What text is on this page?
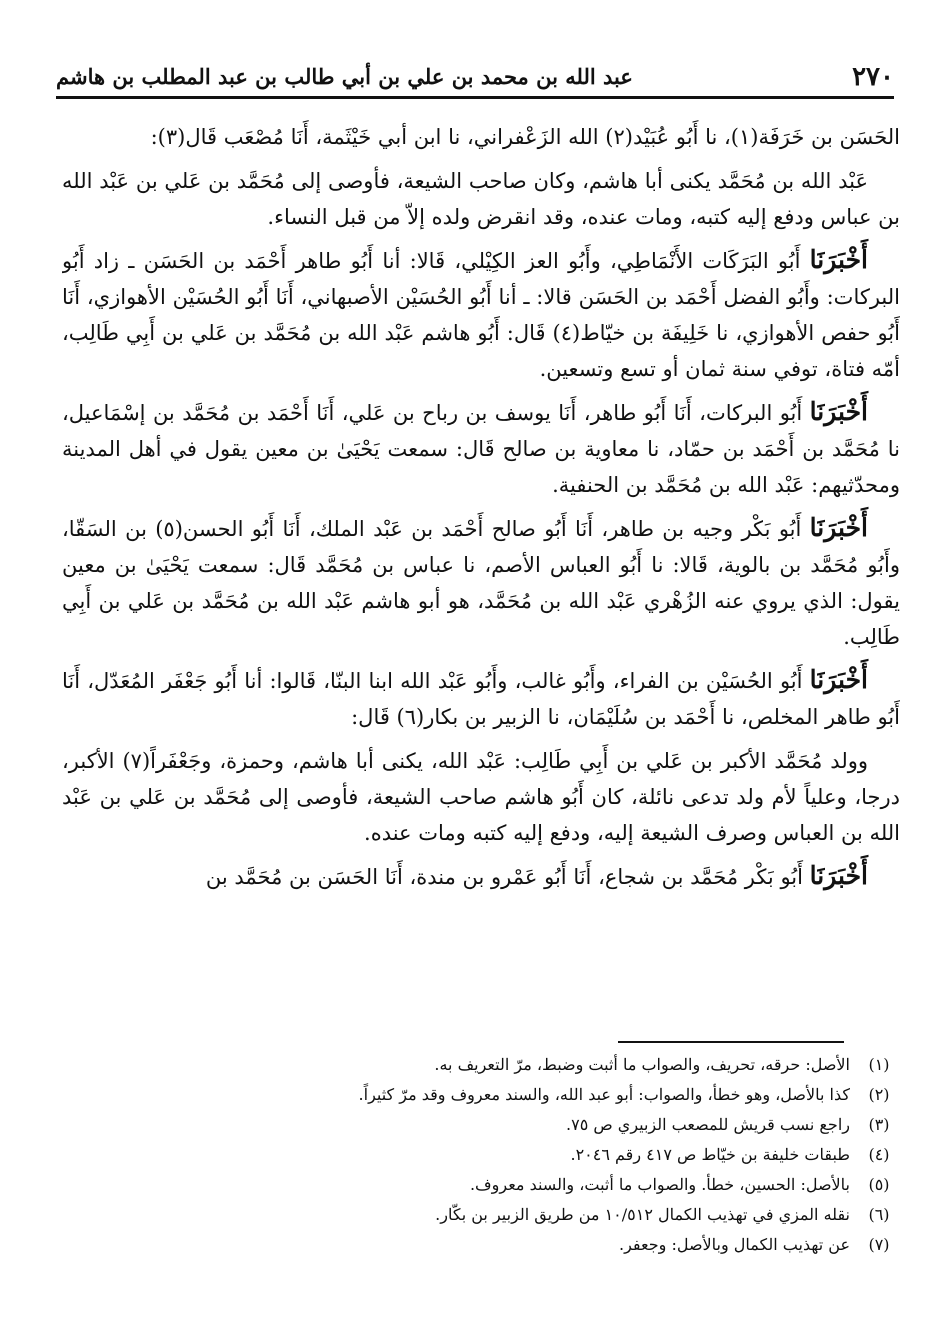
٢٧٠
عبد الله بن محمد بن علي بن أبي طالب بن عبد المطلب بن هاشم

الحَسَن بن خَرَفَة(١)، نا أَبُو عُبَيْد(٢) الله الزَعْفراني، نا ابن أبي خَيْثَمة، أَنَا مُصْعَب قَال(٣):

عَبْد الله بن مُحَمَّد يكنى أبا هاشم، وكان صاحب الشيعة، فأوصى إلى مُحَمَّد بن عَلي بن عَبْد الله بن عباس ودفع إليه كتبه، ومات عنده، وقد انقرض ولده إلاّ من قبل النساء.

أَخْبَرَنَا أَبُو البَرَكَات الأَنْمَاطِي، وأَبُو العز الكِيْلي، قَالا: أنا أَبُو طاهر أَحْمَد بن الحَسَن ـ زاد أَبُو البركات: وأَبُو الفضل أَحْمَد بن الحَسَن قالا: ـ أنا أَبُو الحُسَيْن الأصبهاني، أَنَا أَبُو الحُسَيْن الأهوازي، أَنَا أَبُو حفص الأهوازي، نا خَلِيفَة بن خيّاط(٤) قَال: أَبُو هاشم عَبْد الله بن مُحَمَّد بن عَلي بن أَبِي طَالِب، أمّه فتاة، توفي سنة ثمان أو تسع وتسعين.

أَخْبَرَنَا أَبُو البركات، أَنَا أَبُو طاهر، أَنَا يوسف بن رباح بن عَلي، أَنَا أَحْمَد بن مُحَمَّد بن إسْمَاعيل، نا مُحَمَّد بن أَحْمَد بن حمّاد، نا معاوية بن صالح قَال: سمعت يَحْيَىٰ بن معين يقول في أهل المدينة ومحدّثيهم: عَبْد الله بن مُحَمَّد بن الحنفية.

أَخْبَرَنَا أَبُو بَكْر وجيه بن طاهر، أَنَا أَبُو صالح أَحْمَد بن عَبْد الملك، أَنَا أَبُو الحسن(٥) بن السَقّا، وأَبُو مُحَمَّد بن بالوية، قَالا: نا أَبُو العباس الأصم، نا عباس بن مُحَمَّد قَال: سمعت يَحْيَىٰ بن معين يقول: الذي يروي عنه الزُهْري عَبْد الله بن مُحَمَّد، هو أبو هاشم عَبْد الله بن مُحَمَّد بن عَلي بن أَبِي طَالِب.

أَخْبَرَنَا أَبُو الحُسَيْن بن الفراء، وأَبُو غالب، وأَبُو عَبْد الله ابنا البنّا، قَالوا: أنا أَبُو جَعْفَر المُعَدّل، أَنَا أَبُو طاهر المخلص، نا أَحْمَد بن سُلَيْمَان، نا الزبير بن بكار(٦) قَال:

وولد مُحَمَّد الأكبر بن عَلي بن أَبِي طَالِب: عَبْد الله، يكنى أبا هاشم، وحمزة، وجَعْفَراً(٧) الأكبر، درجا، وعلياً لأم ولد تدعى نائلة، كان أَبُو هاشم صاحب الشيعة، فأوصى إلى مُحَمَّد بن عَلي بن عَبْد الله بن العباس وصرف الشيعة إليه، ودفع إليه كتبه ومات عنده.

أَخْبَرَنَا أَبُو بَكْر مُحَمَّد بن شجاع، أَنَا أَبُو عَمْرو بن مندة، أَنَا الحَسَن بن مُحَمَّد بن

(١)
الأصل: حرقه، تحريف، والصواب ما أثبت وضبط، مرّ التعريف به.
(٢)
كذا بالأصل، وهو خطأ، والصواب: أبو عبد الله، والسند معروف وقد مرّ كثيراً.
(٣)
راجع نسب قريش للمصعب الزبيري ص ٧٥.
(٤)
طبقات خليفة بن خيّاط ص ٤١٧ رقم ٢٠٤٦.
(٥)
بالأصل: الحسين، خطأ. والصواب ما أثبت، والسند معروف.
(٦)
نقله المزي في تهذيب الكمال ١٠/٥١٢ من طريق الزبير بن بكّار.
(٧)
عن تهذيب الكمال وبالأصل: وجعفر.
